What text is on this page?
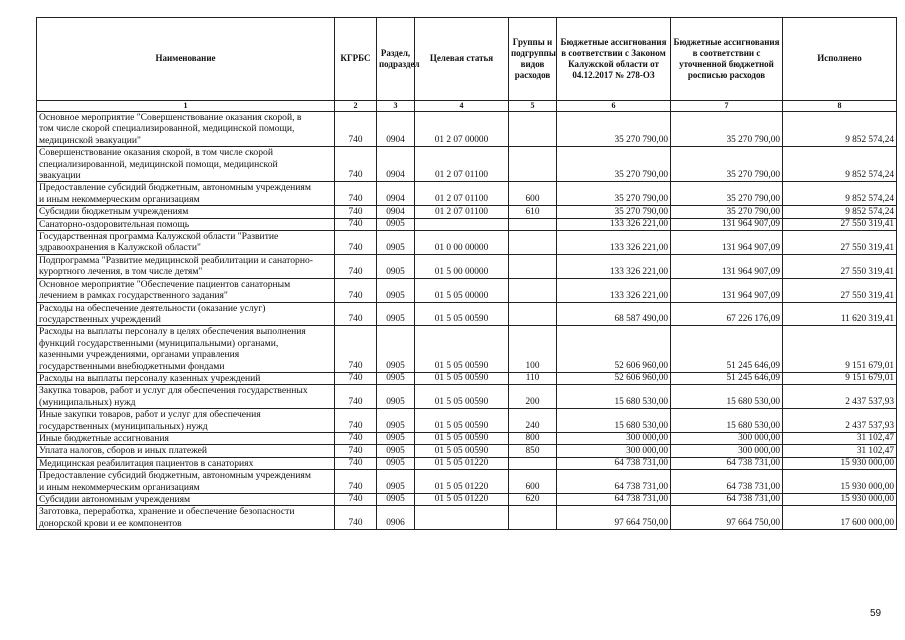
Наименование	КГРБС	Раздел, подраздел	Целевая статья	Группы и подгруппы видов расходов	Бюджетные ассигнования в соответствии с Законом Калужской области от 04.12.2017 № 278-ОЗ	Бюджетные ассигнования в соответствии с уточненной бюджетной росписью расходов	Исполнено
1	2	3	4	5	6	7	8
Основное мероприятие "Совершенствование оказания скорой, в
том числе скорой специализированной, медицинской помощи,
медицинской эвакуации"	740	0904	01 2 07 00000		35 270 790,00	35 270 790,00	9 852 574,24
Совершенствование оказания скорой, в том числе скорой
специализированной, медицинской помощи, медицинской
эвакуации	740	0904	01 2 07 01100		35 270 790,00	35 270 790,00	9 852 574,24
Предоставление субсидий бюджетным, автономным учреждениям
и иным некоммерческим организациям	740	0904	01 2 07 01100	600	35 270 790,00	35 270 790,00	9 852 574,24
Субсидии бюджетным учреждениям	740	0904	01 2 07 01100	610	35 270 790,00	35 270 790,00	9 852 574,24
Санаторно-оздоровительная помощь	740	0905			133 326 221,00	131 964 907,09	27 550 319,41
Государственная программа Калужской области "Развитие
здравоохранения в Калужской области"	740	0905	01 0 00 00000		133 326 221,00	131 964 907,09	27 550 319,41
Подпрограмма "Развитие медицинской реабилитации и санаторно-
курортного лечения, в том числе детям"	740	0905	01 5 00 00000		133 326 221,00	131 964 907,09	27 550 319,41
Основное мероприятие "Обеспечение пациентов санаторным
лечением в рамках государственного задания"	740	0905	01 5 05 00000		133 326 221,00	131 964 907,09	27 550 319,41
Расходы на обеспечение деятельности (оказание услуг)
государственных учреждений	740	0905	01 5 05 00590		68 587 490,00	67 226 176,09	11 620 319,41
Расходы на выплаты персоналу в целях обеспечения выполнения
функций государственными (муниципальными) органами,
казенными учреждениями, органами управления
государственными внебюджетными фондами	740	0905	01 5 05 00590	100	52 606 960,00	51 245 646,09	9 151 679,01
Расходы на выплаты персоналу казенных учреждений	740	0905	01 5 05 00590	110	52 606 960,00	51 245 646,09	9 151 679,01
Закупка товаров, работ и услуг для обеспечения государственных
(муниципальных) нужд	740	0905	01 5 05 00590	200	15 680 530,00	15 680 530,00	2 437 537,93
Иные закупки товаров, работ и услуг для обеспечения
государственных (муниципальных) нужд	740	0905	01 5 05 00590	240	15 680 530,00	15 680 530,00	2 437 537,93
Иные бюджетные ассигнования	740	0905	01 5 05 00590	800	300 000,00	300 000,00	31 102,47
Уплата налогов, сборов и иных платежей	740	0905	01 5 05 00590	850	300 000,00	300 000,00	31 102,47
Медицинская реабилитация пациентов в санаториях	740	0905	01 5 05 01220		64 738 731,00	64 738 731,00	15 930 000,00
Предоставление субсидий бюджетным, автономным учреждениям
и иным некоммерческим организациям	740	0905	01 5 05 01220	600	64 738 731,00	64 738 731,00	15 930 000,00
Субсидии автономным учреждениям	740	0905	01 5 05 01220	620	64 738 731,00	64 738 731,00	15 930 000,00
Заготовка, переработка, хранение и обеспечение безопасности
донорской крови и ее компонентов	740	0906			97 664 750,00	97 664 750,00	17 600 000,00
59
